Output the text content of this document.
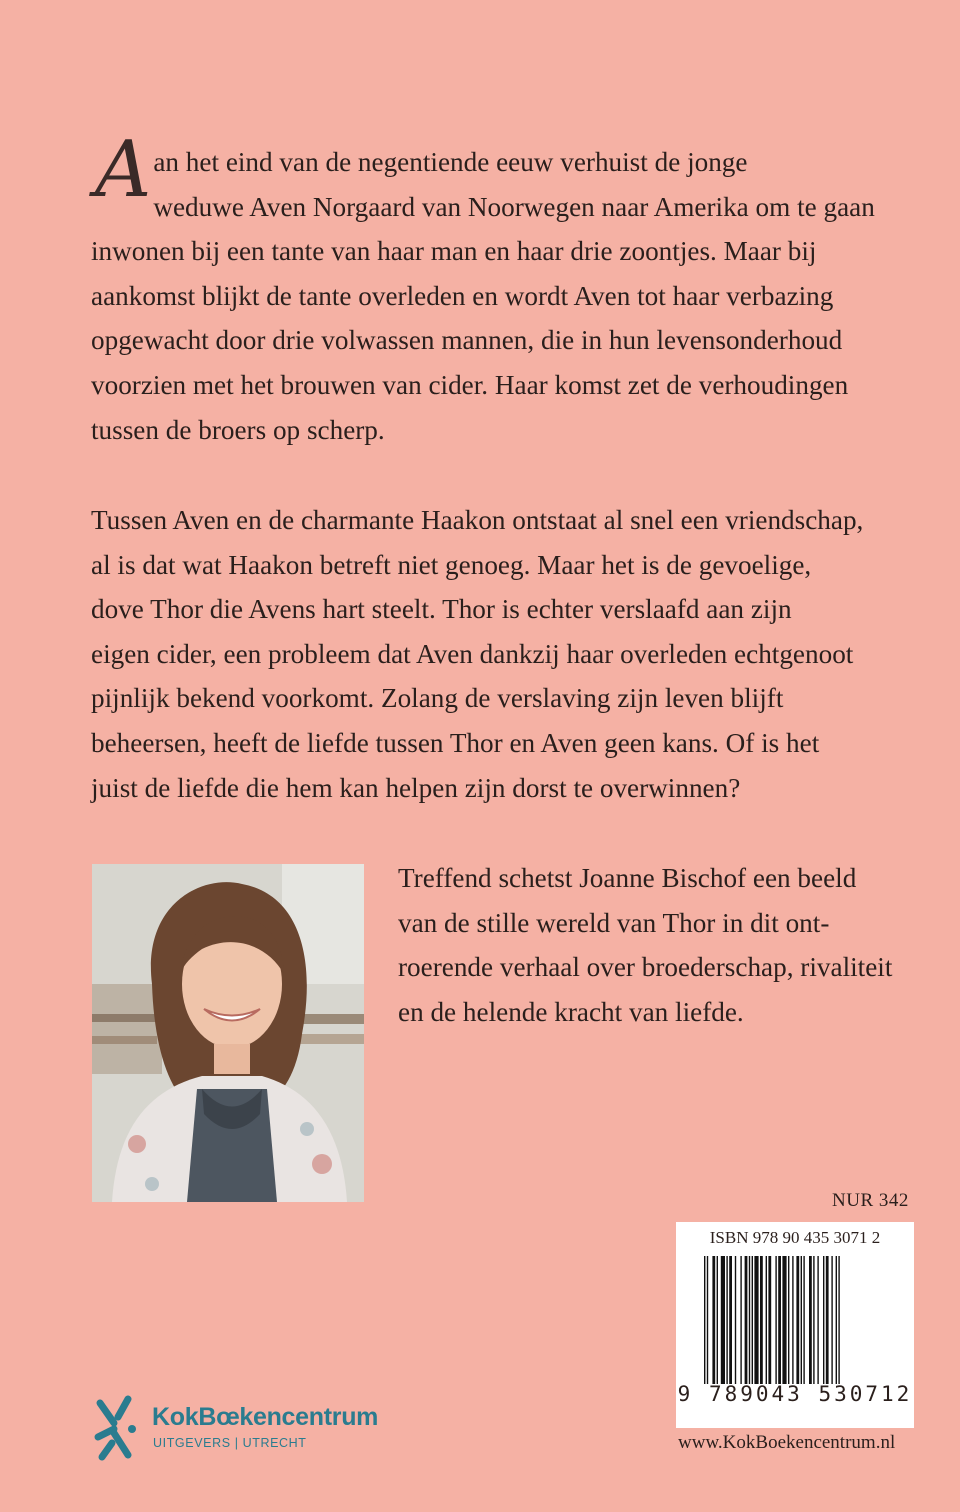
A an het eind van de negentiende eeuw verhuist de jonge
weduwe Aven Norgaard van Noorwegen naar Amerika om te gaan
inwonen bij een tante van haar man en haar drie zoontjes. Maar bij
aankomst blijkt de tante overleden en wordt Aven tot haar verbazing
opgewacht door drie volwassen mannen, die in hun levensonderhoud
voorzien met het brouwen van cider. Haar komst zet de verhoudingen
tussen de broers op scherp.
Tussen Aven en de charmante Haakon ontstaat al snel een vriendschap,
al is dat wat Haakon betreft niet genoeg. Maar het is de gevoelige,
dove Thor die Avens hart steelt. Thor is echter verslaafd aan zijn
eigen cider, een probleem dat Aven dankzij haar overleden echtgenoot
pijnlijk bekend voorkomt. Zolang de verslaving zijn leven blijft
beheersen, heeft de liefde tussen Thor en Aven geen kans. Of is het
juist de liefde die hem kan helpen zijn dorst te overwinnen?
Treffend schetst Joanne Bischof een beeld
van de stille wereld van Thor in dit ont-
roerende verhaal over broederschap, rivaliteit
en de helende kracht van liefde.
NUR 342
ISBN 978 90 435 3071 2
9 789043 530712
www.KokBoekencentrum.nl
KokBœkencentrum
UITGEVERS | UTRECHT
